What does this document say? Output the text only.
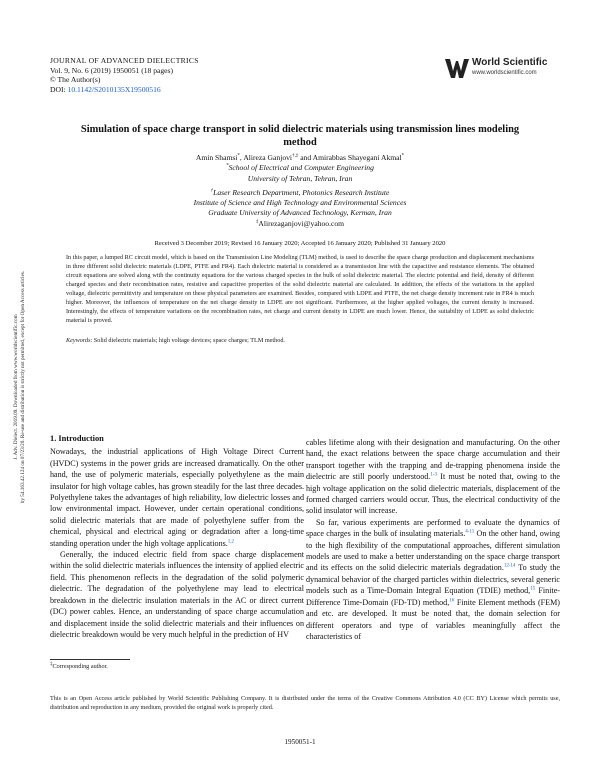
J. Adv. Dielect. 2019.09. Downloaded from www.worldscientific.com by 54.163.42.124 on 07/23/20. Re-use and distribution is strictly not permitted, except for Open Access articles.
JOURNAL OF ADVANCED DIELECTRICS
Vol. 9, No. 6 (2019) 1950051 (18 pages)
© The Author(s)
DOI: 10.1142/S2010135X19500516
World Scientific
www.worldscientific.com
Simulation of space charge transport in solid dielectric materials using transmission lines modeling method
Amin Shamsi*, Alireza Ganjovi†,‡ and Amirabbas Shayegani Akmal*
*School of Electrical and Computer Engineering
University of Tehran, Tehran, Iran
†Laser Research Department, Photonics Research Institute
Institute of Science and High Technology and Environmental Sciences
Graduate University of Advanced Technology, Kerman, Iran
‡Alirezaganjovi@yahoo.com
Received 3 December 2019; Revised 16 January 2020; Accepted 16 January 2020; Published 31 January 2020
In this paper, a lumped RC circuit model, which is based on the Transmission Line Modeling (TLM) method, is used to describe the space charge production and displacement mechanisms in three different solid dielectric materials (LDPE, PTFE and FR4). Each dielectric material is considered as a transmission line with the capacitive and resistance elements. The obtained circuit equations are solved along with the continuity equations for the various charged species in the bulk of solid dielectric material. The electric potential and field, density of different charged species and their recombination rates, resistive and capacitive properties of the solid dielectric material are calculated. In addition, the effects of the variations in the applied voltage, dielectric permittivity and temperature on these physical parameters are examined. Besides, compared with LDPE and PTFE, the net charge density increment rate in FR4 is much higher. Moreover, the influences of temperature on the net charge density in LDPE are not significant. Furthermore, at the higher applied voltages, the current density is increased. Interestingly, the effects of temperature variations on the recombination rates, net charge and current density in LDPE are much lower. Hence, the suitability of LDPE as solid dielectric material is proved.
Keywords: Solid dielectric materials; high voltage devices; space charges; TLM method.
1. Introduction

Nowadays, the industrial applications of High Voltage Direct Current (HVDC) systems in the power grids are increased dramatically. On the other hand, the use of polymeric materials, especially polyethylene as the main insulator for high voltage cables, has grown steadily for the last three decades. Polyethylene takes the advantages of high reliability, low dielectric losses and low environmental impact. However, under certain operational conditions, solid dielectric materials that are made of polyethylene suffer from the chemical, physical and electrical aging or degradation after a long-time standing operation under the high voltage applications.$^{1,2}$

Generally, the induced electric field from space charge displacement within the solid dielectric materials influences the intensity of applied electric field. This phenomenon reflects in the degradation of the solid polymeric dielectric. The degradation of the polyethylene may lead to electrical breakdown in the dielectric insulation materials in the AC or direct current (DC) power cables. Hence, an understanding of space charge accumulation and displacement inside the solid dielectric materials and their influences on dielectric breakdown would be very much helpful in the prediction of HV

cables lifetime along with their designation and manufacturing. On the other hand, the exact relations between the space charge accumulation and their transport together with the trapping and de-trapping phenomena inside the dielectric are still poorly understood.$^{1-3}$ It must be noted that, owing to the high voltage application on the solid dielectric materials, displacement of the formed charged carriers would occur. Thus, the electrical conductivity of the solid insulator will increase.

So far, various experiments are performed to evaluate the dynamics of space charges in the bulk of insulating materials.$^{4-11}$ On the other hand, owing to the high flexibility of the computational approaches, different simulation models are used to make a better understanding on the space charge transport and its effects on the solid dielectric materials degradation.$^{12-14}$ To study the dynamical behavior of the charged particles within dielectrics, several generic models such as a Time-Domain Integral Equation (TDIE) method,$^{15}$ Finite-Difference Time-Domain (FD-TD) method,$^{16}$ Finite Element methods (FEM) and etc. are developed. It must be noted that, the domain selection for different operators and type of variables meaningfully affect the characteristics of

‡Corresponding author.
This is an Open Access article published by World Scientific Publishing Company. It is distributed under the terms of the Creative Commons Attribution 4.0 (CC BY) License which permits use, distribution and reproduction in any medium, provided the original work is properly cited.
1950051-1
